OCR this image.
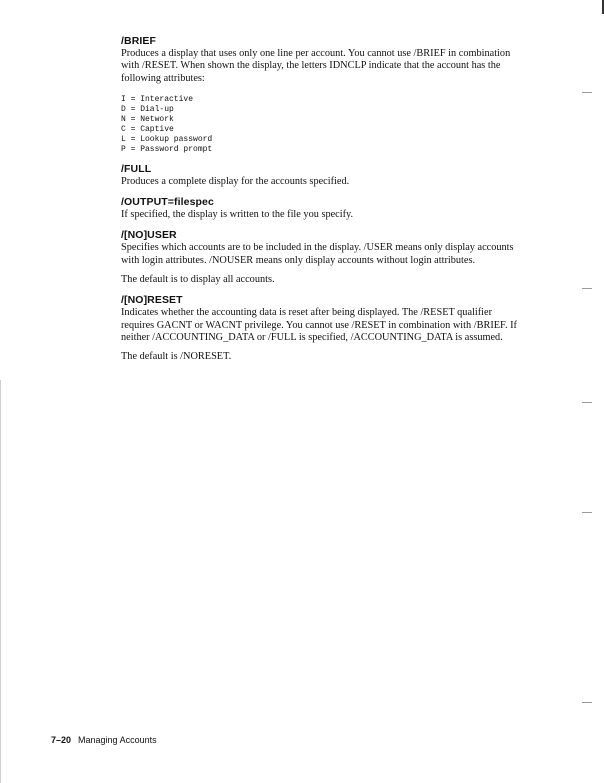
/BRIEF

Produces a display that uses only one line per account. You cannot use /BRIEF in combination with /RESET. When shown the display, the letters IDNCLP indicate that the account has the following attributes:

I = Interactive
D = Dial-up
N = Network
C = Captive
L = Lookup password
P = Password prompt
/FULL

Produces a complete display for the accounts specified.

/OUTPUT=filespec

If specified, the display is written to the file you specify.

/[NO]USER

Specifies which accounts are to be included in the display. /USER means only display accounts with login attributes. /NOUSER means only display accounts without login attributes.

The default is to display all accounts.

/[NO]RESET

Indicates whether the accounting data is reset after being displayed. The /RESET qualifier requires GACNT or WACNT privilege. You cannot use /RESET in combination with /BRIEF. If neither /ACCOUNTING_DATA or /FULL is specified, /ACCOUNTING_DATA is assumed.

The default is /NORESET.

7–20 Managing Accounts
